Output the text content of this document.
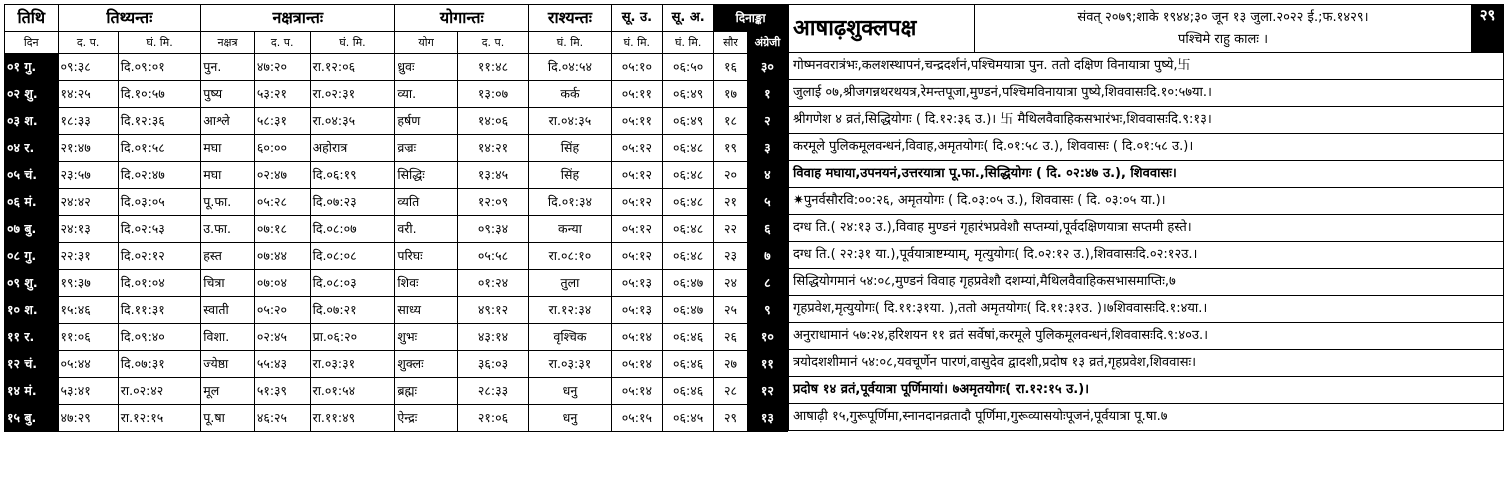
तिथि	तिथ्यन्तः		नक्षत्रान्तः			योगान्तः		राश्यन्तः	सू. उ.	सू. अ.	दिनाङ्का	
दिन	द. प.	घं. मि.	नक्षत्र	द. प.	घं. मि.	योग	द. प.	घं. मि.	घं. मि.	घं. मि.	सौर	अंग्रेजी
०१ गु.	०९:३८	दि.०९:०१	पुन.	४७:२०	रा.१२:०६	ध्रुवः	११:४८	दि.०४:५४	०५:१०	०६:५०	१६	३०
०२ शु.	१४:२५	दि.१०:५७	पुष्य	५३:२१	रा.०२:३१	व्या.	१३:०७	कर्क	०५:११	०६:४९	१७	१
०३ श.	१८:३३	दि.१२:३६	आश्ले	५८:३१	रा.०४:३५	हर्षण	१४:०६	रा.०४:३५	०५:११	०६:४९	१८	२
०४ र.	२१:४७	दि.०१:५८	मघा	६०:००	अहोरात्र	व्रज्रः	१४:२१	सिंह	०५:१२	०६:४८	१९	३
०५ चं.	२३:५७	दि.०२:४७	मघा	०२:४७	दि.०६:१९	सिद्धिः	१३:४५	सिंह	०५:१२	०६:४८	२०	४
०६ मं.	२४:४२	दि.०३:०५	पू.फा.	०५:२८	दि.०७:२३	व्यति	१२:०९	दि.०१:३४	०५:१२	०६:४८	२१	५
०७ बु.	२४:१३	दि.०२:५३	उ.फा.	०७:१८	दि.०८:०७	वरी.	०९:३४	कन्या	०५:१२	०६:४८	२२	६
०८ गु.	२२:३१	दि.०२:१२	हस्त	०७:४४	दि.०८:०८	परिघः	०५:५८	रा.०८:१०	०५:१२	०६:४८	२३	७
०९ शु.	१९:३७	दि.०१:०४	चित्रा	०७:०४	दि.०८:०३	शिवः	०१:२४	तुला	०५:१३	०६:४७	२४	८
१० श.	१५:४६	दि.११:३१	स्वाती	०५:२०	दि.०७:२१	साध्य	४९:१२	रा.१२:३४	०५:१३	०६:४७	२५	९
११ र.	११:०६	दि.०९:४०	विशा.	०२:४५	प्रा.०६:२०	शुभः	४३:१४	वृश्चिक	०५:१४	०६:४६	२६	१०
१२ चं.	०५:४४	दि.०७:३१	ज्येष्ठा	५५:४३	रा.०३:३१	शुक्लः	३६:०३	रा.०३:३१	०५:१४	०६:४६	२७	११
१४ मं.	५३:४१	रा.०२:४२	मूल	५१:३९	रा.०१:५४	ब्रह्मः	२८:३३	धनु	०५:१४	०६:४६	२८	१२
१५ बु.	४७:२९	रा.१२:१५	पू.षा	४६:२५	रा.११:४९	ऐन्द्रः	२१:०६	धनु	०५:१५	०६:४५	२९	१३
आषाढ़शुक्लपक्ष	संवत् २०७९;शाके १९४४;३० जून १३ जुला.२०२२ ई.;फ.१४२९।
पश्चिमे राहु कालः ।
	२९
गोष्मनवरात्रंभः,कलशस्थापनं,चन्द्रदर्शनं,पश्चिमयात्रा पुन. ततो दक्षिण विनायात्रा पुष्ये,卐
जुलाई ०७,श्रीजगन्नथरथयत्र,रेमन्तपूजा,मुण्डनं,पश्चिमविनायात्रा पुष्ये,शिववासःदि.१०:५७या.।
श्रीगणेश ४ व्रतं,सिद्धियोगः ( दि.१२:३६ उ.)। 卐 मैथिलवैवाहिकसभारंभः,शिववासःदि.९:१३।
करमूले पुलिकमूलवन्धनं,विवाह,अमृतयोगः( दि.०१:५८ उ.), शिववासः ( दि.०१:५८ उ.)।
विवाह मघाया,उपनयनं,उत्तरयात्रा पू.फा.,सिद्धियोगः ( दि. ०२:४७ उ.), शिववासः।
✷पुनर्वसौरवि:००:२६, अमृतयोगः ( दि.०३:०५ उ.), शिववासः ( दि. ०३:०५ या.)।
दग्ध ति.( २४:१३ उ.),विवाह मुण्डनं गृहारंभप्रवेशौ सप्तम्यां,पूर्वदक्षिणयात्रा सप्तमी हस्ते।
दग्ध ति.( २२:३१ या.),पूर्वयात्राष्टम्याम्, मृत्युयोगः( दि.०२:१२ उ.),शिववासःदि.०२:१२उ.।
सिद्धियोगमानं ५४:०८,मुण्डनं विवाह गृहप्रवेशौ दशम्यां,मैथिलवैवाहिकसभासमाप्तिः,७
गृहप्रवेश,मृत्युयोगः( दि.११:३१या. ),ततो अमृतयोगः( दि.११:३१उ. )।७शिववासःदि.१:४या.।
अनुराधामानं ५७:२४,हरिशयन ११ व्रतं सर्वेषां,करमूले पुलिकमूलवन्धनं,शिववासःदि.९:४०उ.।
त्रयोदशशीमानं ५४:०८,यवचूर्णेन पारणं,वासुदेव द्वादशी,प्रदोष १३ व्रतं,गृहप्रवेश,शिववासः।
प्रदोष १४ व्रतं,पूर्वयात्रा पूर्णिमायां। ७अमृतयोगः( रा.१२:१५ उ.)।
आषाढ़ी १५,गुरूपूर्णिमा,स्नानदानव्रतादौ पूर्णिमा,गुरूव्यासयोःपूजनं,पूर्वयात्रा पू.षा.७
